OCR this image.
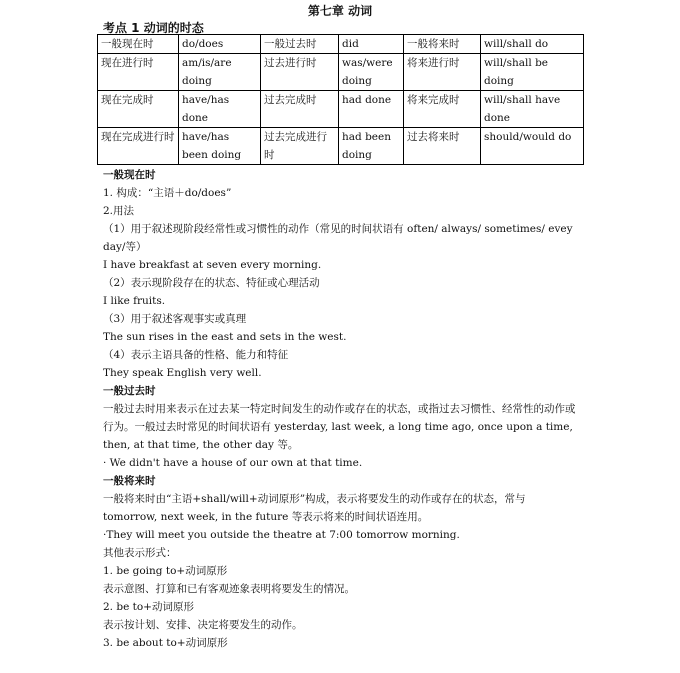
第七章 动词
考点 1 动词的时态
一般现在时	do/does	一般过去时	did	一般将来时	will/shall do
现在进行时	am/is/are doing	过去进行时	was/were doing	将来进行时	will/shall be doing
现在完成时	have/has done	过去完成时	had done	将来完成时	will/shall have done
现在完成进行时	have/has been doing	过去完成进行时	had been doing	过去将来时	should/would do

一般现在时

1. 构成：“主语＋do/does”

2.用法

（1）用于叙述现阶段经常性或习惯性的动作（常见的时间状语有 often/ always/ sometimes/ evey day/等）

I have breakfast at seven every morning.

（2）表示现阶段存在的状态、特征或心理活动

I like fruits.

（3）用于叙述客观事实或真理

The sun rises in the east and sets in the west.

（4）表示主语具备的性格、能力和特征

They speak English very well.

一般过去时

一般过去时用来表示在过去某一特定时间发生的动作或存在的状态，或指过去习惯性、经常性的动作或行为。一般过去时常见的时间状语有 yesterday, last week, a long time ago, once upon a time, then, at that time, the other day 等。

· We didn't have a house of our own at that time.

一般将来时

一般将来时由“主语+shall/will+动词原形”构成，表示将要发生的动作或存在的状态，常与 tomorrow, next week, in the future 等表示将来的时间状语连用。

·They will meet you outside the theatre at 7:00 tomorrow morning.

其他表示形式：

1. be going to+动词原形

表示意图、打算和已有客观迹象表明将要发生的情况。

2. be to+动词原形

表示按计划、安排、决定将要发生的动作。

3. be about to+动词原形
